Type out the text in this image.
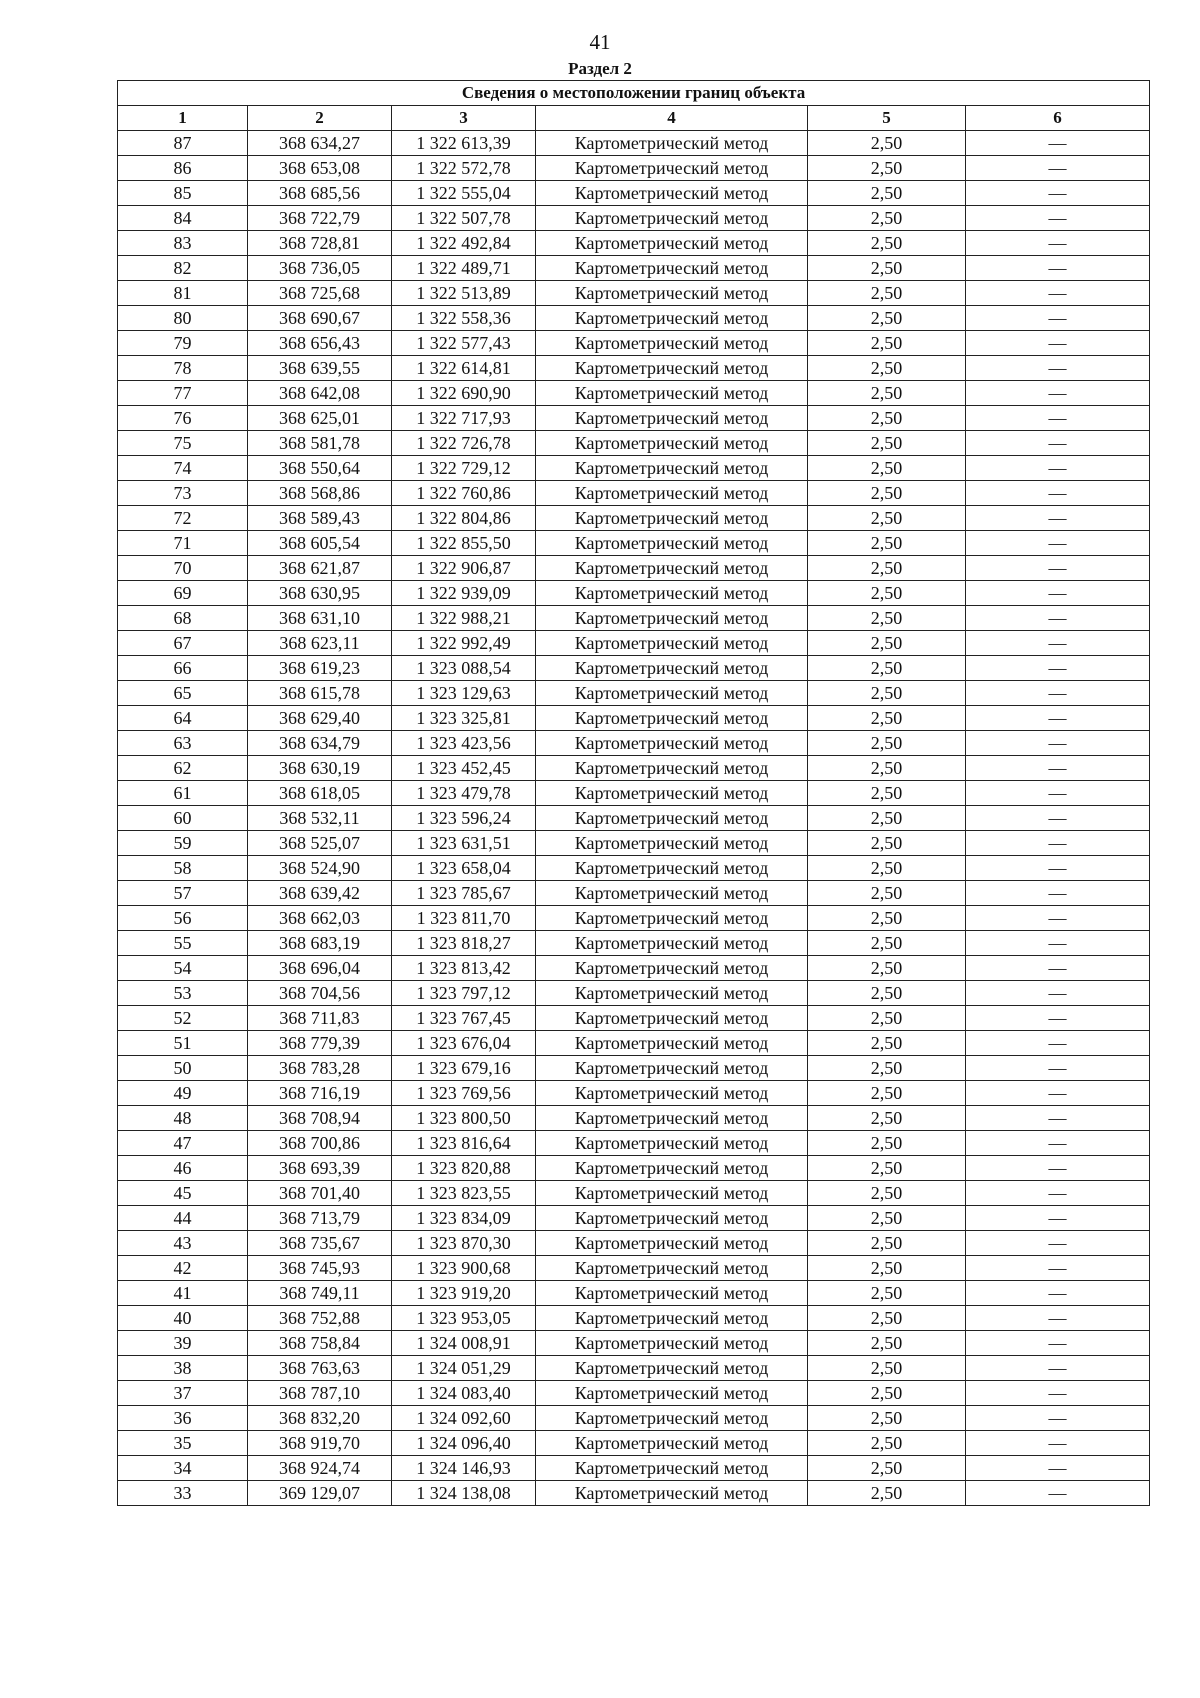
41
Раздел 2
Сведения о местоположении границ объекта					
1	2	3	4	5	6
87	368 634,27	1 322 613,39	Картометрический метод	2,50	—
86	368 653,08	1 322 572,78	Картометрический метод	2,50	—
85	368 685,56	1 322 555,04	Картометрический метод	2,50	—
84	368 722,79	1 322 507,78	Картометрический метод	2,50	—
83	368 728,81	1 322 492,84	Картометрический метод	2,50	—
82	368 736,05	1 322 489,71	Картометрический метод	2,50	—
81	368 725,68	1 322 513,89	Картометрический метод	2,50	—
80	368 690,67	1 322 558,36	Картометрический метод	2,50	—
79	368 656,43	1 322 577,43	Картометрический метод	2,50	—
78	368 639,55	1 322 614,81	Картометрический метод	2,50	—
77	368 642,08	1 322 690,90	Картометрический метод	2,50	—
76	368 625,01	1 322 717,93	Картометрический метод	2,50	—
75	368 581,78	1 322 726,78	Картометрический метод	2,50	—
74	368 550,64	1 322 729,12	Картометрический метод	2,50	—
73	368 568,86	1 322 760,86	Картометрический метод	2,50	—
72	368 589,43	1 322 804,86	Картометрический метод	2,50	—
71	368 605,54	1 322 855,50	Картометрический метод	2,50	—
70	368 621,87	1 322 906,87	Картометрический метод	2,50	—
69	368 630,95	1 322 939,09	Картометрический метод	2,50	—
68	368 631,10	1 322 988,21	Картометрический метод	2,50	—
67	368 623,11	1 322 992,49	Картометрический метод	2,50	—
66	368 619,23	1 323 088,54	Картометрический метод	2,50	—
65	368 615,78	1 323 129,63	Картометрический метод	2,50	—
64	368 629,40	1 323 325,81	Картометрический метод	2,50	—
63	368 634,79	1 323 423,56	Картометрический метод	2,50	—
62	368 630,19	1 323 452,45	Картометрический метод	2,50	—
61	368 618,05	1 323 479,78	Картометрический метод	2,50	—
60	368 532,11	1 323 596,24	Картометрический метод	2,50	—
59	368 525,07	1 323 631,51	Картометрический метод	2,50	—
58	368 524,90	1 323 658,04	Картометрический метод	2,50	—
57	368 639,42	1 323 785,67	Картометрический метод	2,50	—
56	368 662,03	1 323 811,70	Картометрический метод	2,50	—
55	368 683,19	1 323 818,27	Картометрический метод	2,50	—
54	368 696,04	1 323 813,42	Картометрический метод	2,50	—
53	368 704,56	1 323 797,12	Картометрический метод	2,50	—
52	368 711,83	1 323 767,45	Картометрический метод	2,50	—
51	368 779,39	1 323 676,04	Картометрический метод	2,50	—
50	368 783,28	1 323 679,16	Картометрический метод	2,50	—
49	368 716,19	1 323 769,56	Картометрический метод	2,50	—
48	368 708,94	1 323 800,50	Картометрический метод	2,50	—
47	368 700,86	1 323 816,64	Картометрический метод	2,50	—
46	368 693,39	1 323 820,88	Картометрический метод	2,50	—
45	368 701,40	1 323 823,55	Картометрический метод	2,50	—
44	368 713,79	1 323 834,09	Картометрический метод	2,50	—
43	368 735,67	1 323 870,30	Картометрический метод	2,50	—
42	368 745,93	1 323 900,68	Картометрический метод	2,50	—
41	368 749,11	1 323 919,20	Картометрический метод	2,50	—
40	368 752,88	1 323 953,05	Картометрический метод	2,50	—
39	368 758,84	1 324 008,91	Картометрический метод	2,50	—
38	368 763,63	1 324 051,29	Картометрический метод	2,50	—
37	368 787,10	1 324 083,40	Картометрический метод	2,50	—
36	368 832,20	1 324 092,60	Картометрический метод	2,50	—
35	368 919,70	1 324 096,40	Картометрический метод	2,50	—
34	368 924,74	1 324 146,93	Картометрический метод	2,50	—
33	369 129,07	1 324 138,08	Картометрический метод	2,50	—
